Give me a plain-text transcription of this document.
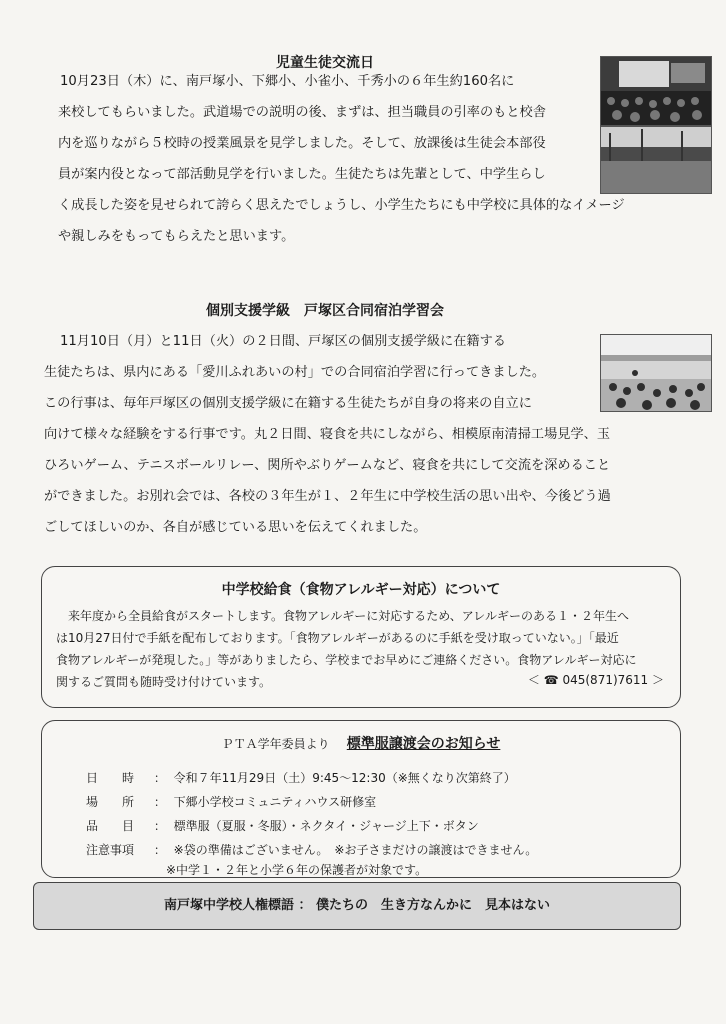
児童生徒交流日

10月23日（木）に、南戸塚小、下郷小、小雀小、千秀小の６年生約160名に
来校してもらいました。武道場での説明の後、まずは、担当職員の引率のもと校舎
内を巡りながら５校時の授業風景を見学しました。そして、放課後は生徒会本部役
員が案内役となって部活動見学を行いました。生徒たちは先輩として、中学生らし
く成長した姿を見せられて誇らく思えたでしょうし、小学生たちにも中学校に具体的なイメージ
や親しみをもってもらえたと思います。

個別支援学級　戸塚区合同宿泊学習会

11月10日（月）と11日（火）の２日間、戸塚区の個別支援学級に在籍する
生徒たちは、県内にある「愛川ふれあいの村」での合同宿泊学習に行ってきました。
この行事は、毎年戸塚区の個別支援学級に在籍する生徒たちが自身の将来の自立に
向けて様々な経験をする行事です。丸２日間、寝食を共にしながら、相模原南清掃工場見学、玉
ひろいゲーム、テニスボールリレー、関所やぶりゲームなど、寝食を共にして交流を深めること
ができました。お別れ会では、各校の３年生が１、２年生に中学校生活の思い出や、今後どう過
ごしてほしいのか、各自が感じている思いを伝えてくれました。

中学校給食（食物アレルギー対応）について

来年度から全員給食がスタートします。食物アレルギーに対応するため、アレルギーのある１・２年生へ
は10月27日付で手紙を配布しております。「食物アレルギーがあるのに手紙を受け取っていない。」「最近
食物アレルギーが発現した。」等がありましたら、学校までお早めにご連絡ください。食物アレルギー対応に
関するご質問も随時受け付けています。	＜ ☎ 045(871)7611 ＞
ＰＴＡ学年委員より 標準服譲渡会のお知らせ
日　　時 ： 令和７年11月29日（土）9:45～12:30（※無くなり次第終了）
場　　所 ： 下郷小学校コミュニティハウス研修室
品　　目 ： 標準服（夏服・冬服）・ネクタイ・ジャージ上下・ボタン
注意事項 ： ※袋の準備はございません。　※お子さまだけの譲渡はできません。
※中学１・２年と小学６年の保護者が対象です。
南戸塚中学校人権標語 ： 僕たちの　生き方なんかに　見本はない
